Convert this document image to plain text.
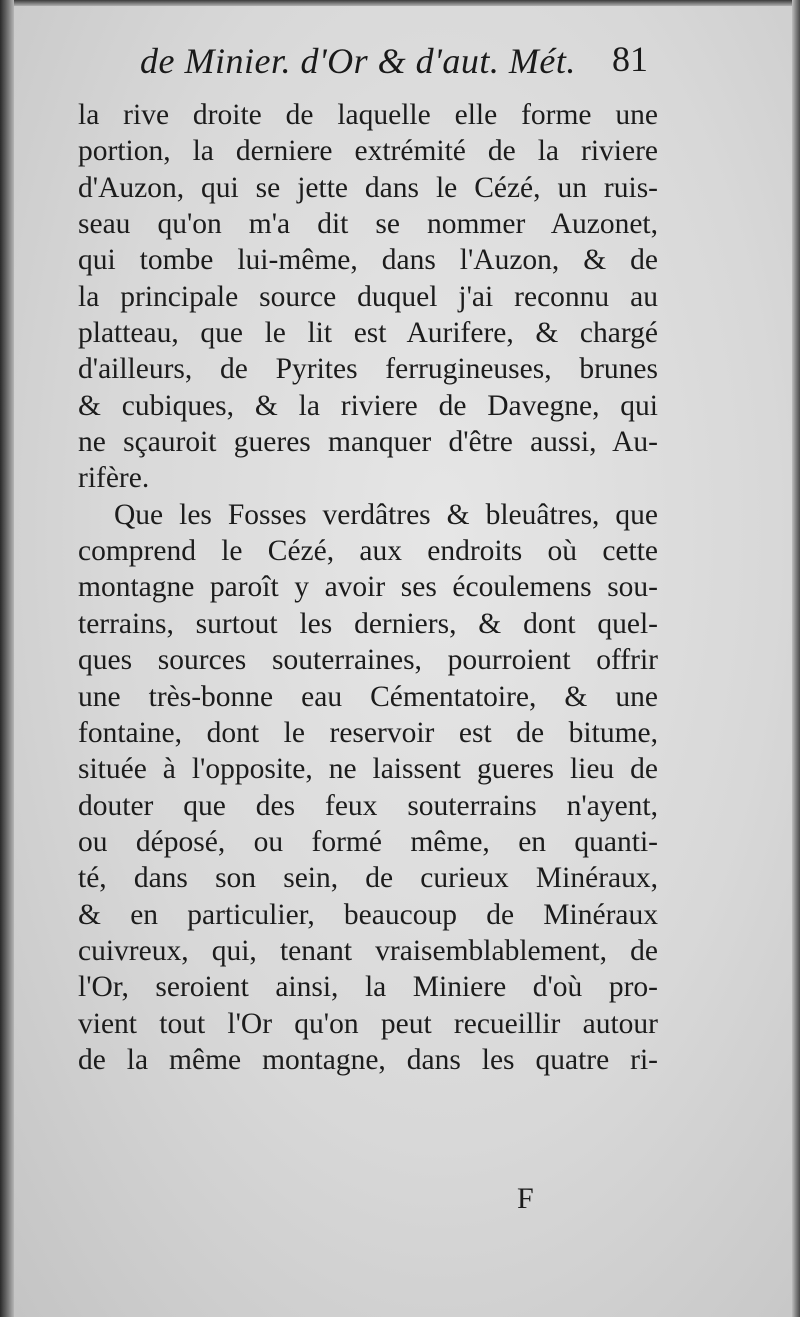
de Minier. d'Or & d'aut. Mét. 81
la rive droite de laquelle elle forme une
portion, la derniere extrémité de la riviere
d'Auzon, qui se jette dans le Cézé, un ruis-
seau qu'on m'a dit se nommer Auzonet,
qui tombe lui-même, dans l'Auzon, & de
la principale source duquel j'ai reconnu au
platteau, que le lit est Aurifere, & chargé
d'ailleurs, de Pyrites ferrugineuses, brunes
& cubiques, & la riviere de Davegne, qui
ne sçauroit gueres manquer d'être aussi, Au-
rifère.
Que les Fosses verdâtres & bleuâtres, que
comprend le Cézé, aux endroits où cette
montagne paroît y avoir ses écoulemens sou-
terrains, surtout les derniers, & dont quel-
ques sources souterraines, pourroient offrir
une très-bonne eau Cémentatoire, & une
fontaine, dont le reservoir est de bitume,
située à l'opposite, ne laissent gueres lieu de
douter que des feux souterrains n'ayent,
ou déposé, ou formé même, en quanti-
té, dans son sein, de curieux Minéraux,
& en particulier, beaucoup de Minéraux
cuivreux, qui, tenant vraisemblablement, de
l'Or, seroient ainsi, la Miniere d'où pro-
vient tout l'Or qu'on peut recueillir autour
de la même montagne, dans les quatre ri-
F
